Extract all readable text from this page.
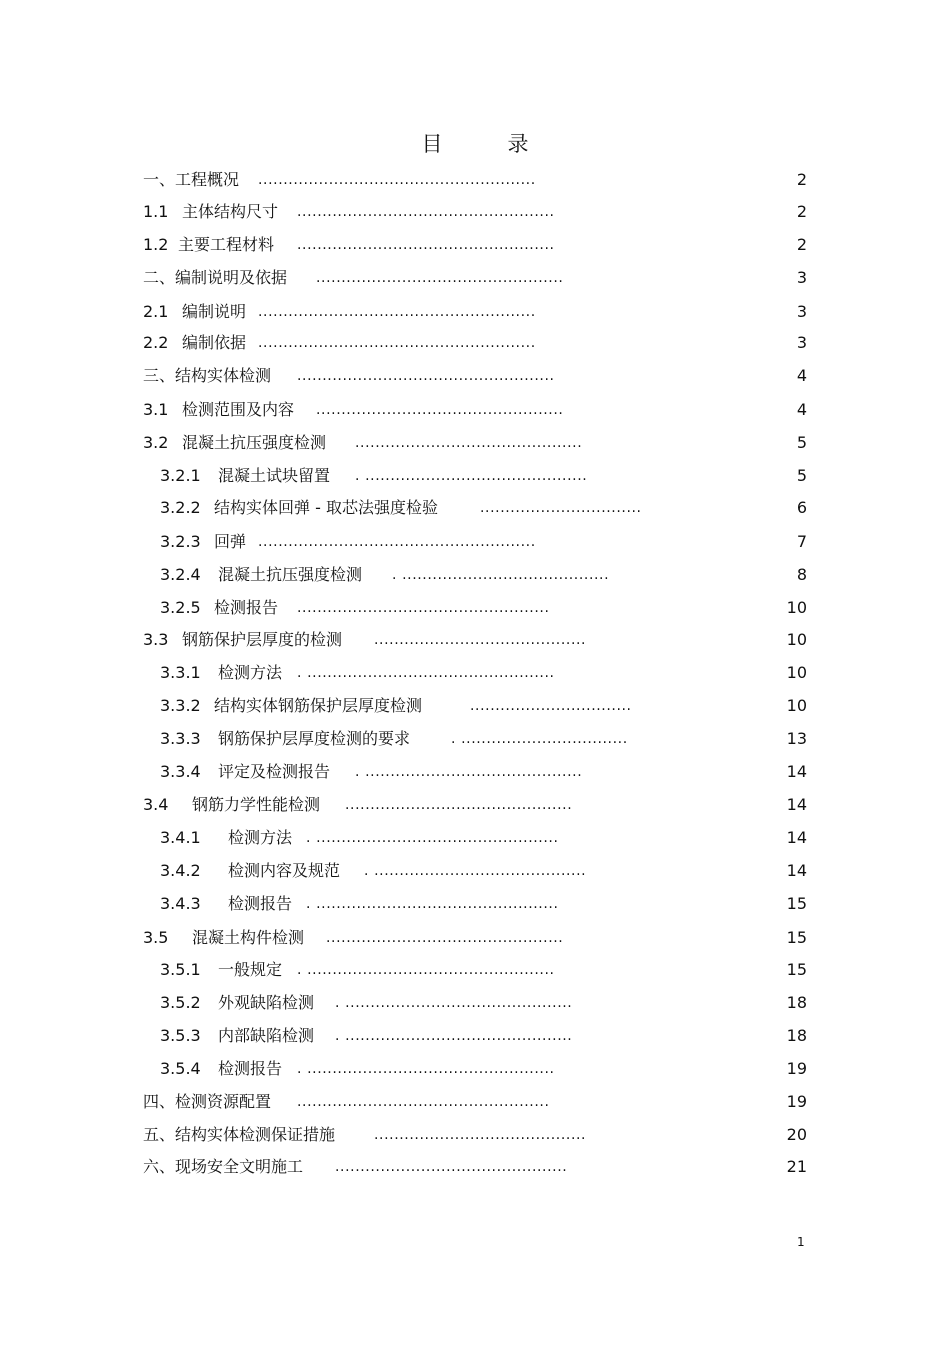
目　录
一、工程概况 .......................................................	2
1.1 主体结构尺寸 ...................................................	2
1.2 主要工程材料 ...................................................	2
二、编制说明及依据 .................................................	3
2.1 编制说明 .......................................................	3
2.2 编制依据 .......................................................	3
三、结构实体检测 ...................................................	4
3.1 检测范围及内容 .................................................	4
3.2 混凝土抗压强度检测 .............................................	5
3.2.1 混凝土试块留置 . ............................................	5
3.2.2 结构实体回弹 - 取芯法强度检验	................................	6
3.2.3 回弹 .......................................................	7
3.2.4 混凝土抗压强度检测 . .........................................	8
3.2.5 检测报告 ..................................................	10
3.3 钢筋保护层厚度的检测 ..........................................	10
3.3.1 检测方法 . .................................................	10
3.3.2 结构实体钢筋保护层厚度检测	................................	10
3.3.3 钢筋保护层厚度检测的要求	. .................................	13
3.3.4 评定及检测报告 . ...........................................	14
3.4 钢筋力学性能检测 .............................................	14
3.4.1 检测方法 . ................................................	14
3.4.2 检测内容及规范 . ..........................................	14
3.4.3 检测报告 . ................................................	15
3.5 混凝土构件检测 ...............................................	15
3.5.1 一般规定 . .................................................	15
3.5.2 外观缺陷检测 . .............................................	18
3.5.3 内部缺陷检测 . .............................................	18
3.5.4 检测报告 . .................................................	19
四、检测资源配置 ..................................................	19
五、结构实体检测保证措施	..........................................	20
六、现场安全文明施工 ..............................................	21
1
